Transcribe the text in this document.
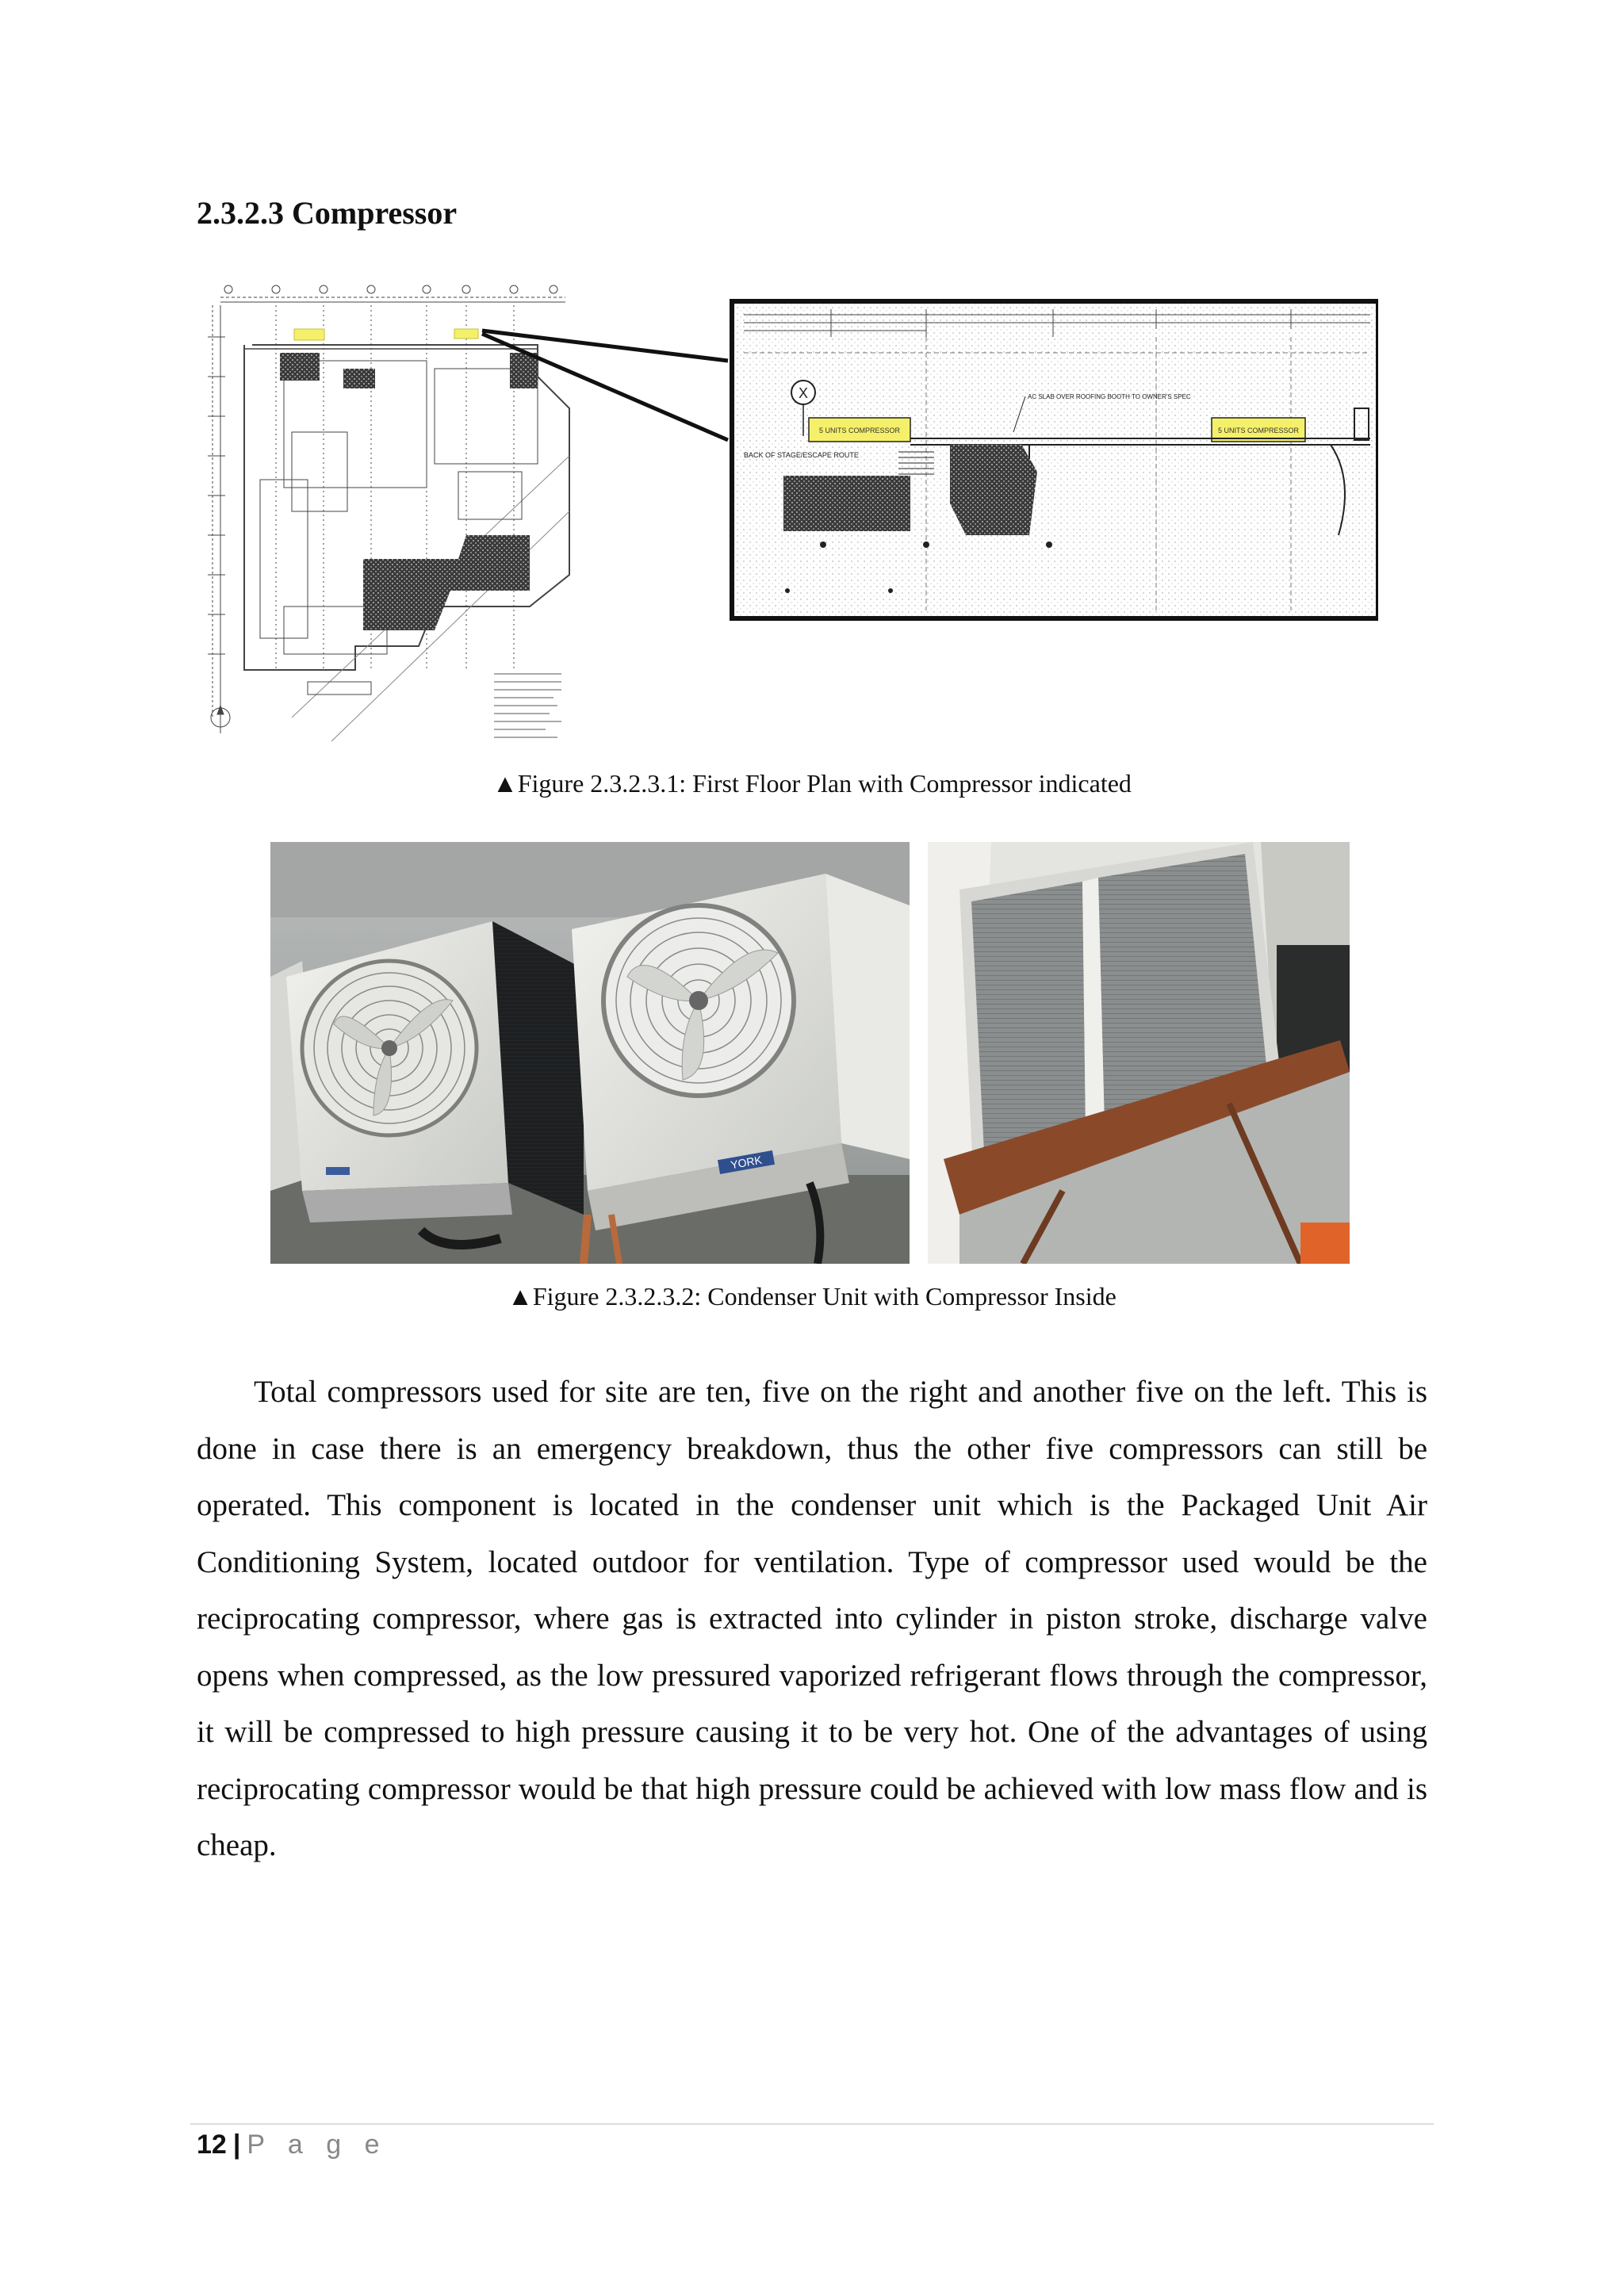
2.3.2.3 Compressor
X
5 UNITS COMPRESSOR	5 UNITS COMPRESSOR
AC SLAB OVER ROOFING BOOTH TO OWNER'S SPEC
BACK OF STAGE/ESCAPE ROUTE
▲Figure 2.3.2.3.1: First Floor Plan with Compressor indicated
YORK
▲Figure 2.3.2.3.2: Condenser Unit with Compressor Inside

Total compressors used for site are ten, five on the right and another five on the left. This is done in case there is an emergency breakdown, thus the other five compressors can still be operated. This component is located in the condenser unit which is the Packaged Unit Air Conditioning System, located outdoor for ventilation. Type of compressor used would be the reciprocating compressor, where gas is extracted into cylinder in piston stroke, discharge valve opens when compressed, as the low pressured vaporized refrigerant flows through the compressor, it will be compressed to high pressure causing it to be very hot. One of the advantages of using reciprocating compressor would be that high pressure could be achieved with low mass flow and is cheap.

12 | P a g e
